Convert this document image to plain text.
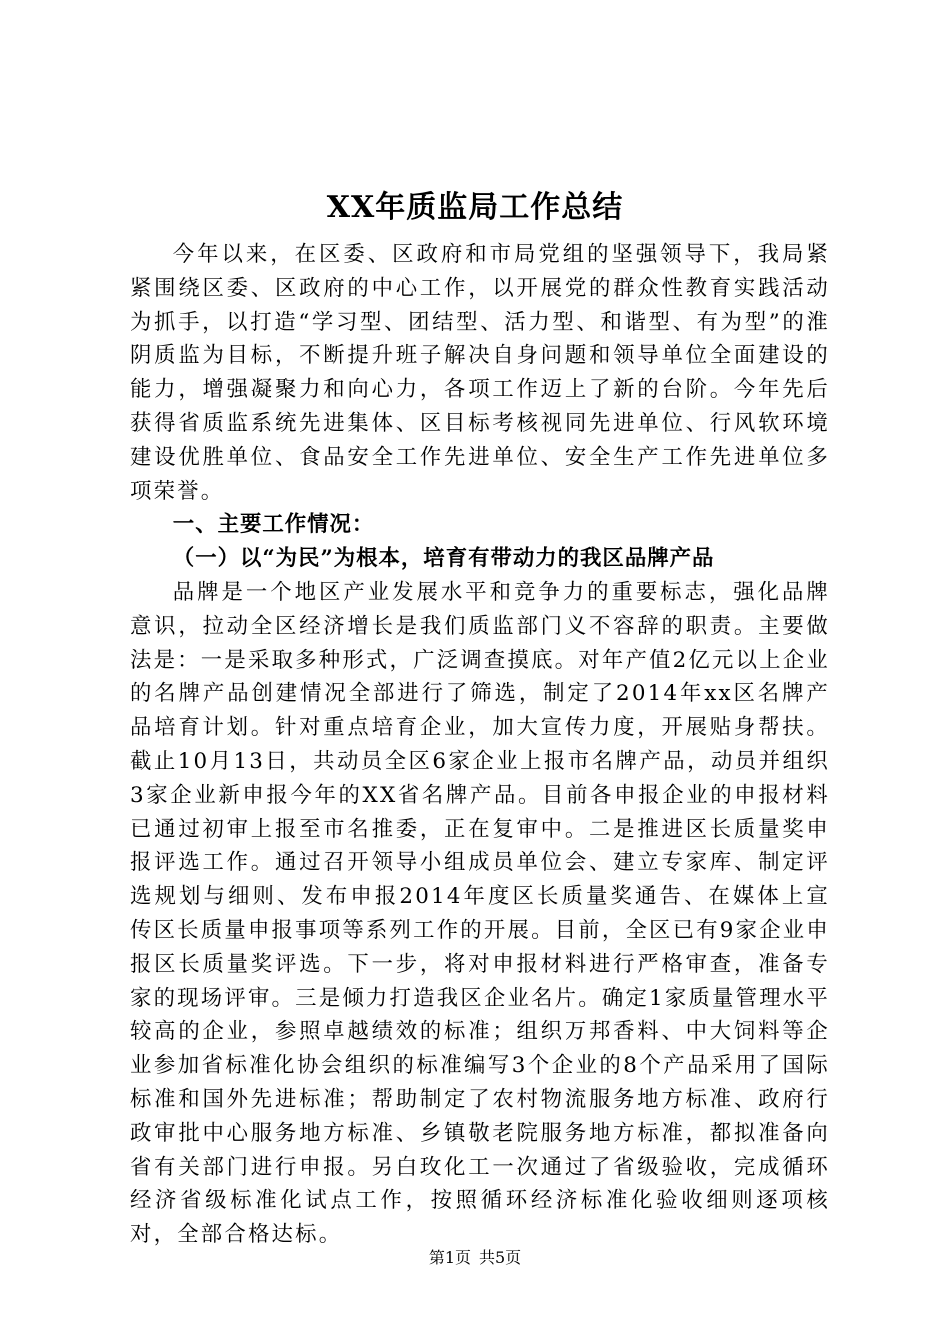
XX年质监局工作总结

今年以来，在区委、区政府和市局党组的坚强领导下，我局紧紧围绕区委、区政府的中心工作，以开展党的群众性教育实践活动为抓手，以打造“学习型、团结型、活力型、和谐型、有为型”的淮阴质监为目标，不断提升班子解决自身问题和领导单位全面建设的能力，增强凝聚力和向心力，各项工作迈上了新的台阶。今年先后获得省质监系统先进集体、区目标考核视同先进单位、行风软环境建设优胜单位、食品安全工作先进单位、安全生产工作先进单位多项荣誉。

一、主要工作情况：
（一）以“为民”为根本，培育有带动力的我区品牌产品

品牌是一个地区产业发展水平和竞争力的重要标志，强化品牌意识，拉动全区经济增长是我们质监部门义不容辞的职责。主要做法是：一是采取多种形式，广泛调查摸底。对年产值2亿元以上企业的名牌产品创建情况全部进行了筛选，制定了2014年xx区名牌产品培育计划。针对重点培育企业，加大宣传力度，开展贴身帮扶。截止10月13日，共动员全区6家企业上报市名牌产品，动员并组织3家企业新申报今年的XX省名牌产品。目前各申报企业的申报材料已通过初审上报至市名推委，正在复审中。二是推进区长质量奖申报评选工作。通过召开领导小组成员单位会、建立专家库、制定评选规划与细则、发布申报2014年度区长质量奖通告、在媒体上宣传区长质量申报事项等系列工作的开展。目前，全区已有9家企业申报区长质量奖评选。下一步，将对申报材料进行严格审查，准备专家的现场评审。三是倾力打造我区企业名片。确定1家质量管理水平较高的企业，参照卓越绩效的标准；组织万邦香料、中大饲料等企业参加省标准化协会组织的标准编写3个企业的8个产品采用了国际标准和国外先进标准；帮助制定了农村物流服务地方标准、政府行政审批中心服务地方标准、乡镇敬老院服务地方标准，都拟准备向省有关部门进行申报。另白玫化工一次通过了省级验收，完成循环经济省级标准化试点工作，按照循环经济标准化验收细则逐项核对，全部合格达标。

第1页 共5页
